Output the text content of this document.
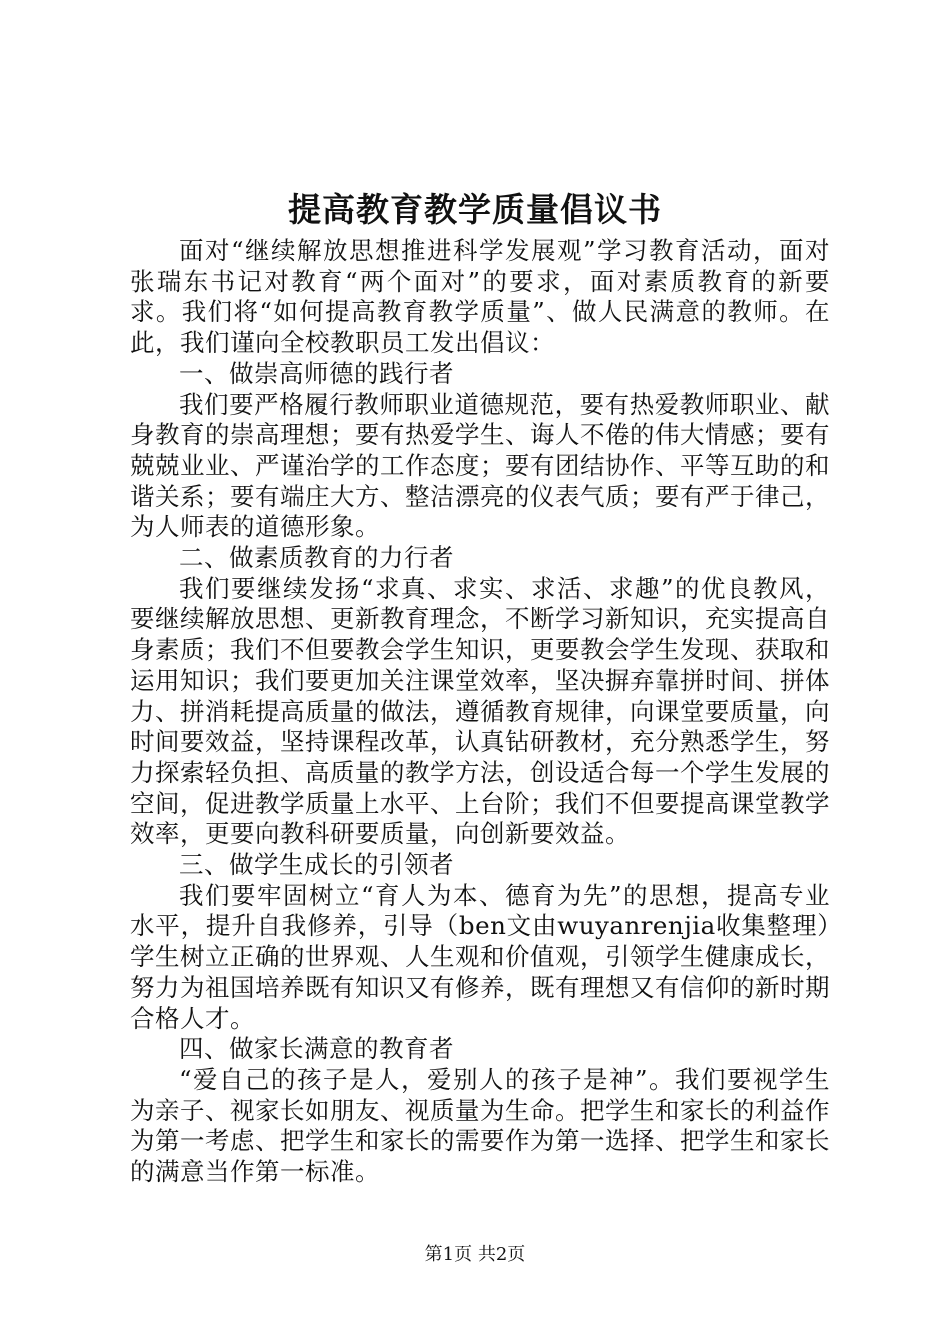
提高教育教学质量倡议书

面对“继续解放思想推进科学发展观”学习教育活动，面对张瑞东书记对教育“两个面对”的要求，面对素质教育的新要求。我们将“如何提高教育教学质量”、做人民满意的教师。在此，我们谨向全校教职员工发出倡议：

一、做崇高师德的践行者

我们要严格履行教师职业道德规范，要有热爱教师职业、献身教育的崇高理想；要有热爱学生、诲人不倦的伟大情感；要有兢兢业业、严谨治学的工作态度；要有团结协作、平等互助的和谐关系；要有端庄大方、整洁漂亮的仪表气质；要有严于律己，为人师表的道德形象。

二、做素质教育的力行者

我们要继续发扬“求真、求实、求活、求趣”的优良教风，要继续解放思想、更新教育理念，不断学习新知识，充实提高自身素质；我们不但要教会学生知识，更要教会学生发现、获取和运用知识；我们要更加关注课堂效率，坚决摒弃靠拼时间、拼体力、拼消耗提高质量的做法，遵循教育规律，向课堂要质量，向时间要效益，坚持课程改革，认真钻研教材，充分熟悉学生，努力探索轻负担、高质量的教学方法，创设适合每一个学生发展的空间，促进教学质量上水平、上台阶；我们不但要提高课堂教学效率，更要向教科研要质量，向创新要效益。

三、做学生成长的引领者

我们要牢固树立“育人为本、德育为先”的思想，提高专业水平，提升自我修养，引导（ben文由wuyanrenjia收集整理）学生树立正确的世界观、人生观和价值观，引领学生健康成长，努力为祖国培养既有知识又有修养，既有理想又有信仰的新时期合格人才。

四、做家长满意的教育者

“爱自己的孩子是人，爱别人的孩子是神”。我们要视学生为亲子、视家长如朋友、视质量为生命。把学生和家长的利益作为第一考虑、把学生和家长的需要作为第一选择、把学生和家长的满意当作第一标准。

第1页 共2页
